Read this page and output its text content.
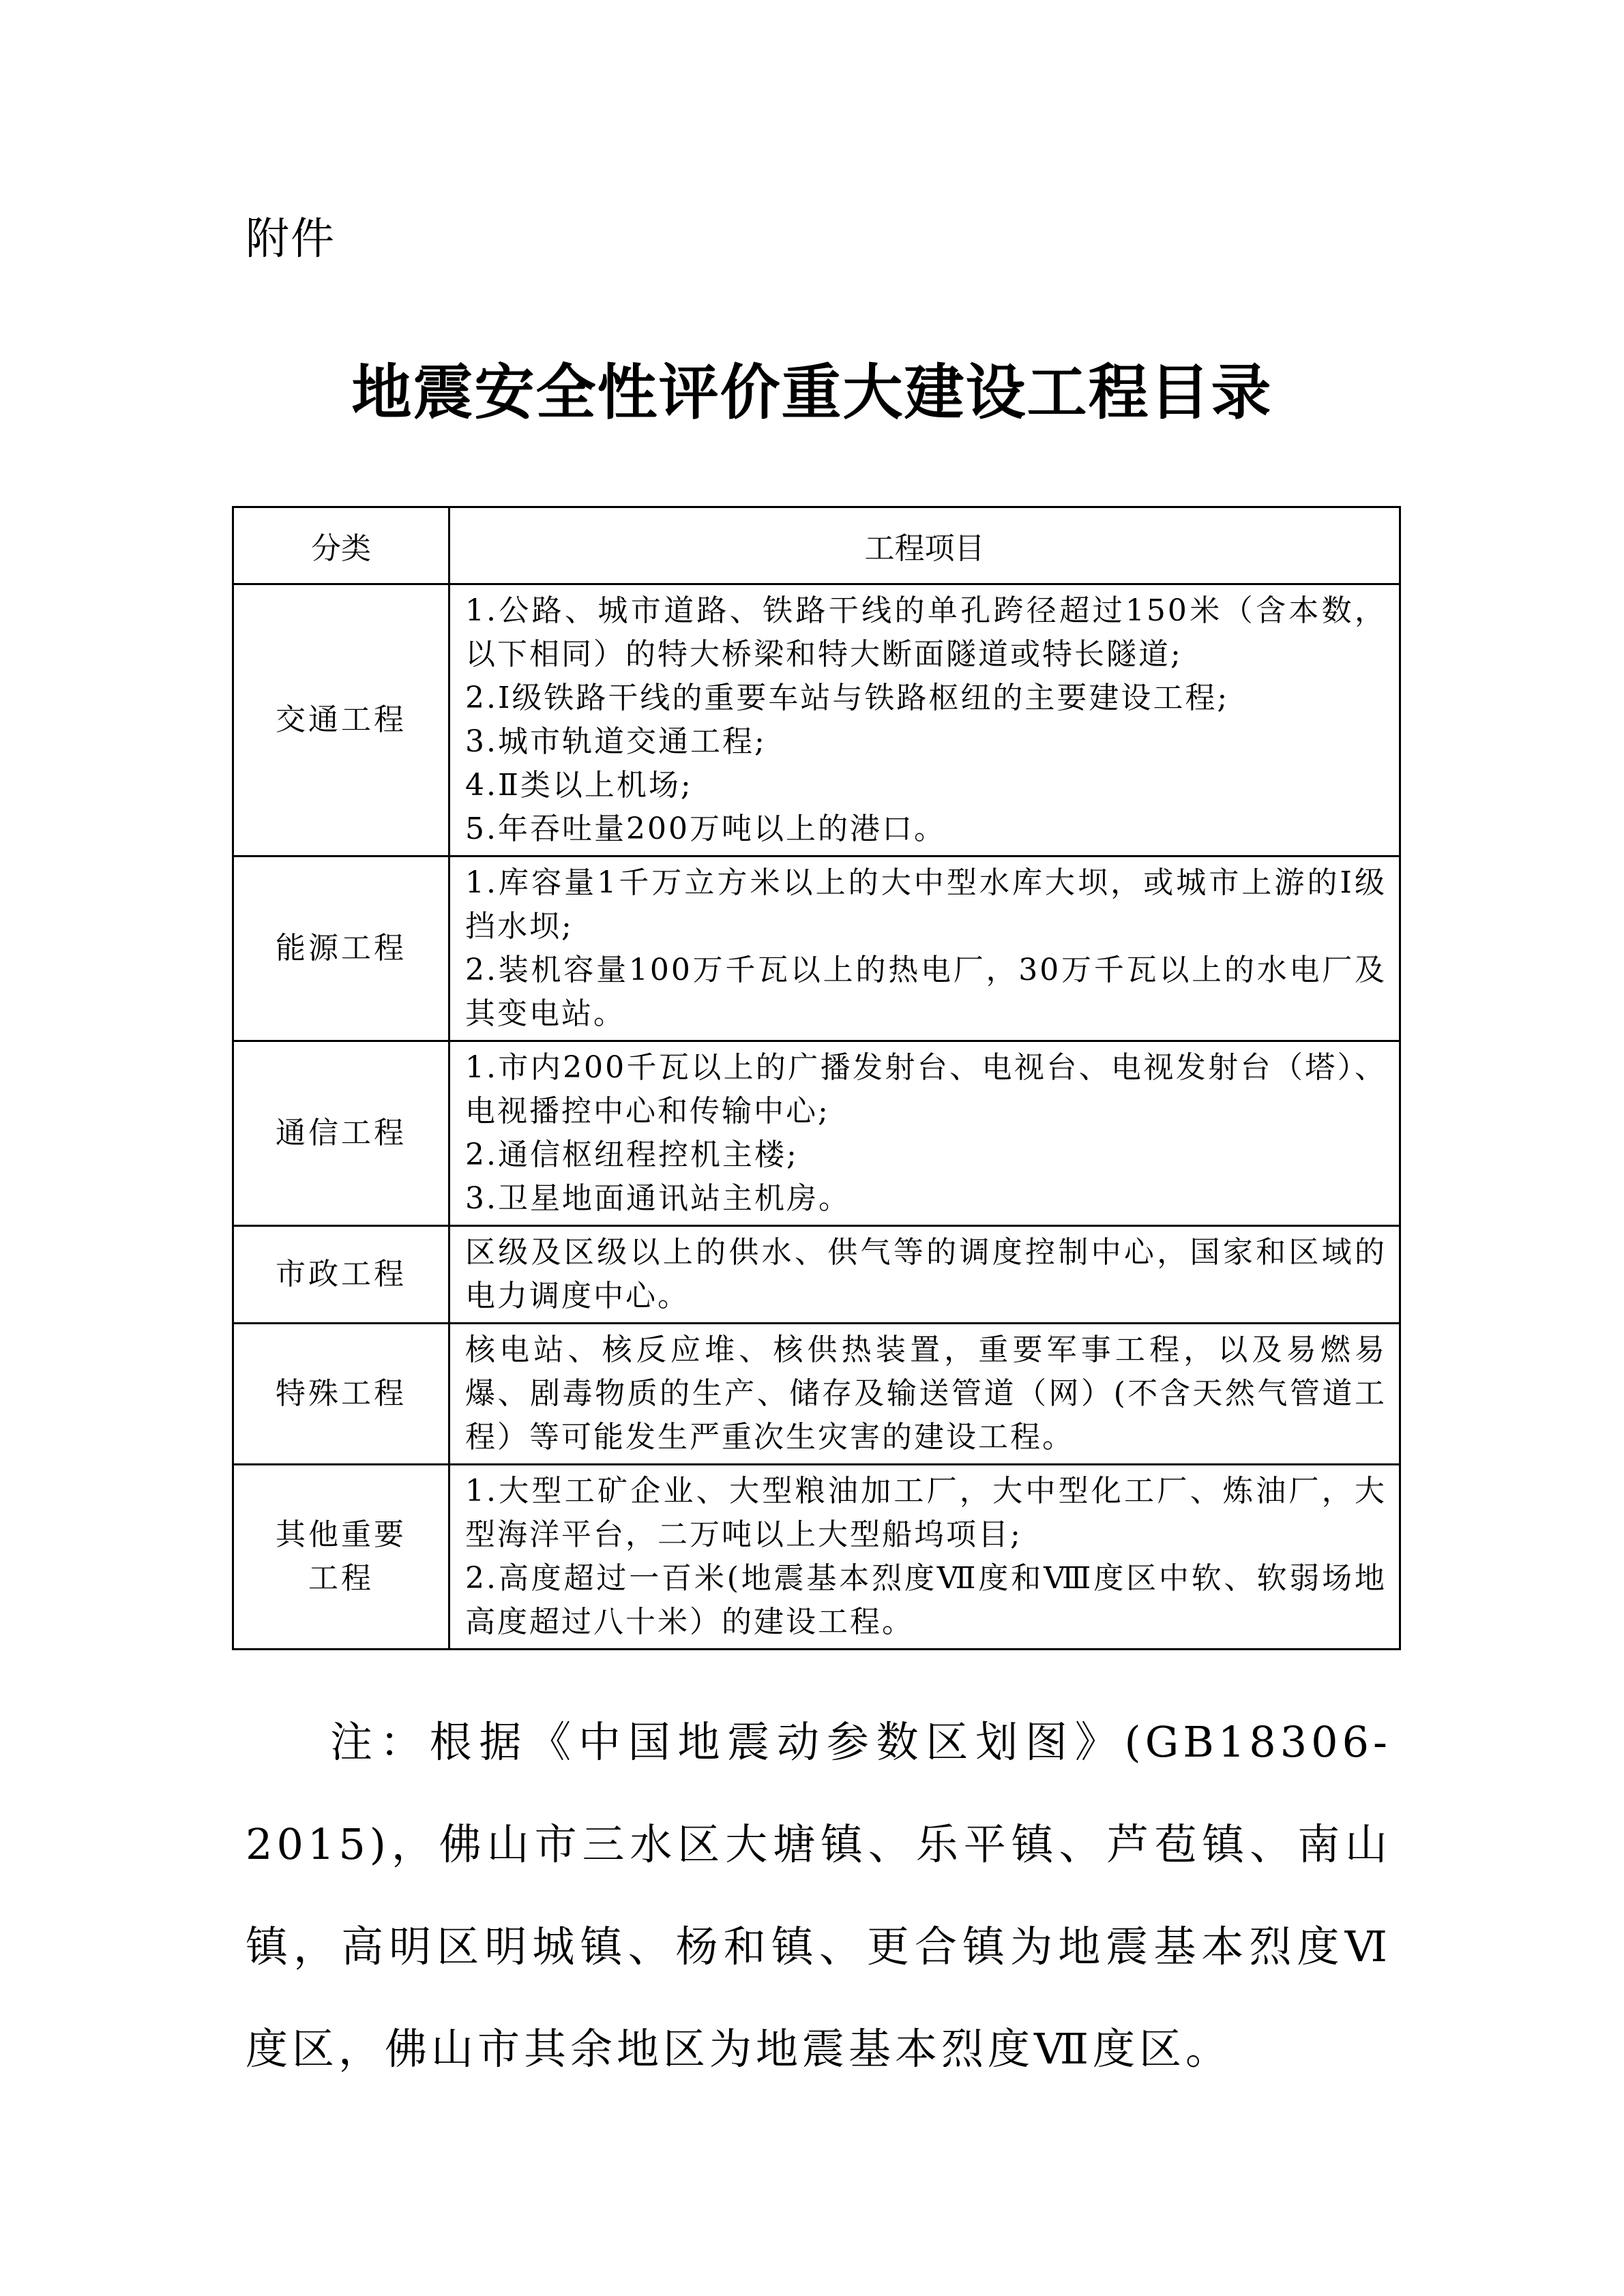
附件
地震安全性评价重大建设工程目录
分类	工程项目
交通工程	1.公路、城市道路、铁路干线的单孔跨径超过150米（含本数，以下相同）的特大桥梁和特大断面隧道或特长隧道;
2.Ⅰ级铁路干线的重要车站与铁路枢纽的主要建设工程;
3.城市轨道交通工程;
4.Ⅱ类以上机场;
5.年吞吐量200万吨以上的港口。

能源工程	1.库容量1千万立方米以上的大中型水库大坝，或城市上游的Ⅰ级挡水坝;
2.装机容量100万千瓦以上的热电厂，30万千瓦以上的水电厂及其变电站。

通信工程	1.市内200千瓦以上的广播发射台、电视台、电视发射台（塔）、电视播控中心和传输中心;
2.通信枢纽程控机主楼;
3.卫星地面通讯站主机房。

市政工程	区级及区级以上的供水、供气等的调度控制中心，国家和区域的电力调度中心。

特殊工程	核电站、核反应堆、核供热装置，重要军事工程，以及易燃易爆、剧毒物质的生产、储存及输送管道（网）(不含天然气管道工程）等可能发生严重次生灾害的建设工程。

其他重要工程	1.大型工矿企业、大型粮油加工厂，大中型化工厂、炼油厂，大型海洋平台，二万吨以上大型船坞项目;
2.高度超过一百米(地震基本烈度Ⅶ度和Ⅷ度区中软、软弱场地高度超过八十米）的建设工程。
注：根据《中国地震动参数区划图》(GB18306-2015)，佛山市三水区大塘镇、乐平镇、芦苞镇、南山镇，高明区明城镇、杨和镇、更合镇为地震基本烈度Ⅵ度区，佛山市其余地区为地震基本烈度Ⅶ度区。
